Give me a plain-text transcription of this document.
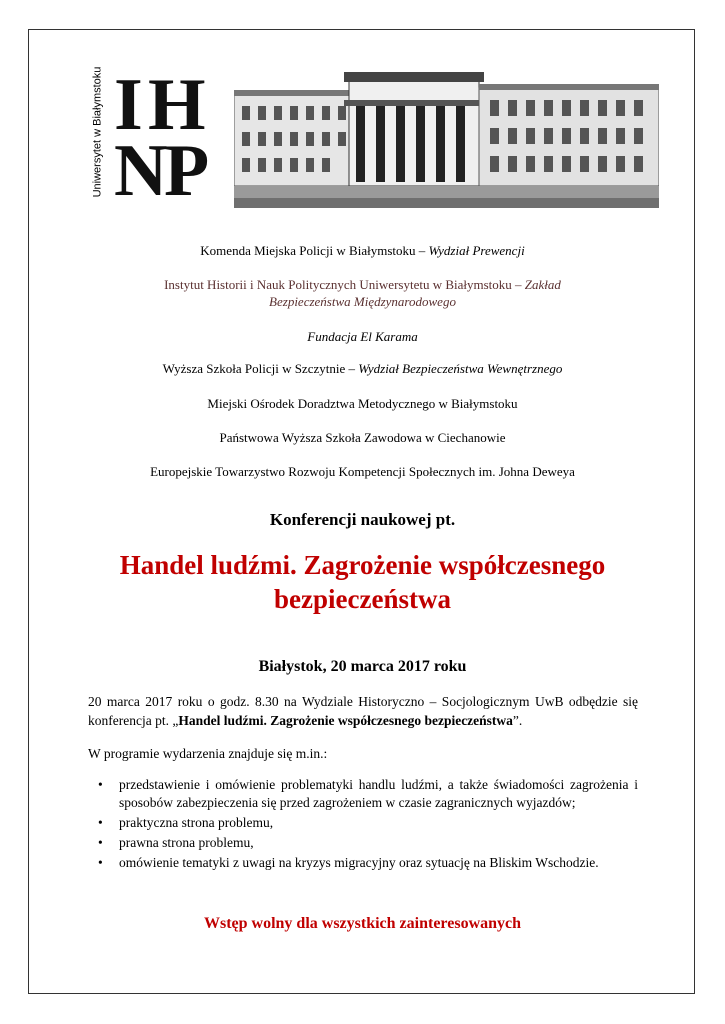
Uniwersytet w Białymstoku I H
N
P
Komenda Miejska Policji w Białymstoku – Wydział Prewencji
Instytut Historii i Nauk Politycznych Uniwersytetu w Białymstoku – Zakład
Bezpieczeństwa Międzynarodowego
Fundacja El Karama
Wyższa Szkoła Policji w Szczytnie – Wydział Bezpieczeństwa Wewnętrznego
Miejski Ośrodek Doradztwa Metodycznego w Białymstoku
Państwowa Wyższa Szkoła Zawodowa w Ciechanowie
Europejskie Towarzystwo Rozwoju Kompetencji Społecznych im. Johna Deweya
Konferencji naukowej pt.
Handel ludźmi. Zagrożenie współczesnego
bezpieczeństwa
Białystok, 20 marca 2017 roku
20 marca 2017 roku o godz. 8.30 na Wydziale Historyczno – Socjologicznym UwB odbędzie się konferencja pt. „Handel ludźmi. Zagrożenie współczesnego bezpieczeństwa”.
W programie wydarzenia znajduje się m.in.:
• przedstawienie i omówienie problematyki handlu ludźmi, a także świadomości zagrożenia i sposobów zabezpieczenia się przed zagrożeniem w czasie zagranicznych wyjazdów;
• praktyczna strona problemu,
• prawna strona problemu,
• omówienie tematyki z uwagi na kryzys migracyjny oraz sytuację na Bliskim Wschodzie.
Wstęp wolny dla wszystkich zainteresowanych
